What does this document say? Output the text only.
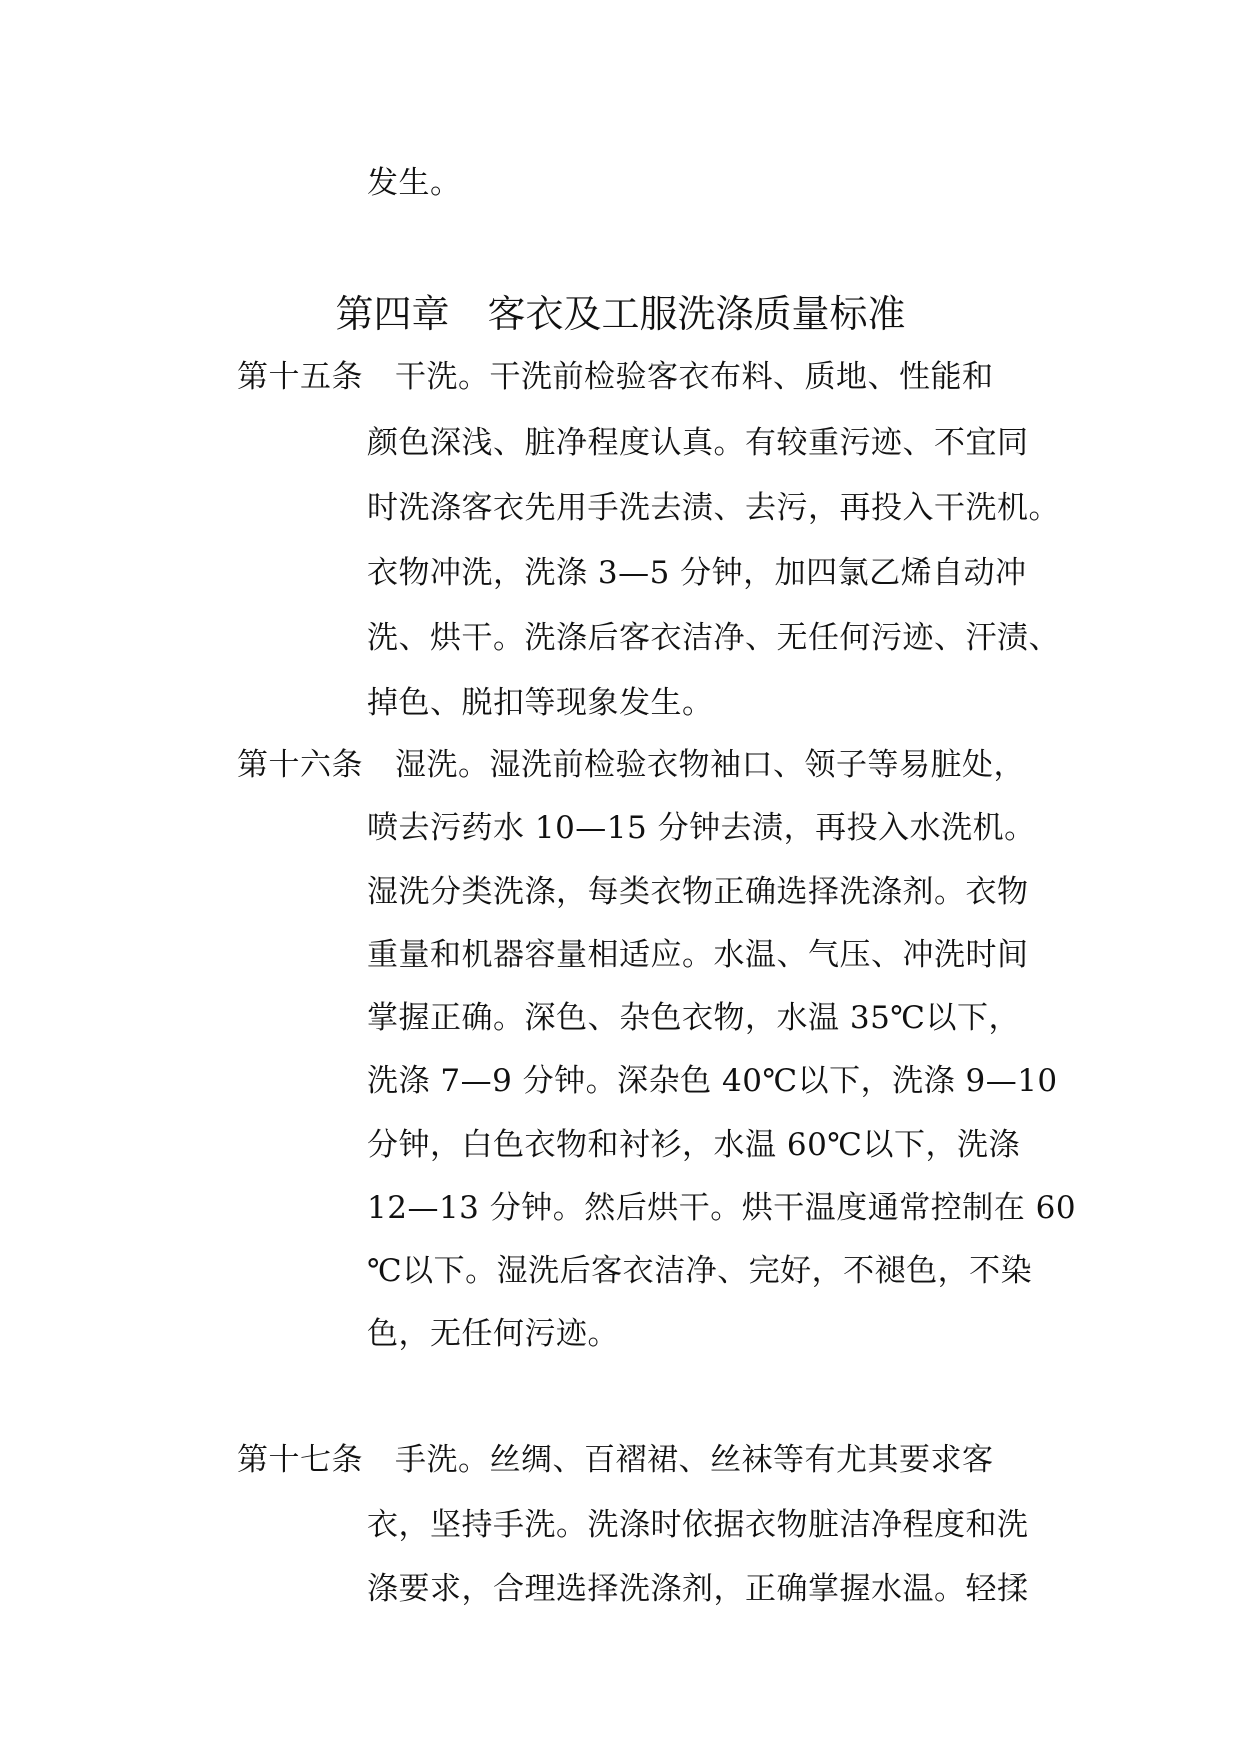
发生。
第四章 客衣及工服洗涤质量标准
第十五条 干洗。干洗前检验客衣布料、质地、性能和
颜色深浅、脏净程度认真。有较重污迹、不宜同
时洗涤客衣先用手洗去渍、去污，再投入干洗机。
衣物冲洗，洗涤 3—5 分钟，加四氯乙烯自动冲
洗、烘干。洗涤后客衣洁净、无任何污迹、汗渍、
掉色、脱扣等现象发生。
第十六条 湿洗。湿洗前检验衣物袖口、领子等易脏处，
喷去污药水 10—15 分钟去渍，再投入水洗机。
湿洗分类洗涤，每类衣物正确选择洗涤剂。衣物
重量和机器容量相适应。水温、气压、冲洗时间
掌握正确。深色、杂色衣物，水温 35℃以下，
洗涤 7—9 分钟。深杂色 40℃以下，洗涤 9—10
分钟，白色衣物和衬衫，水温 60℃以下，洗涤
12—13 分钟。然后烘干。烘干温度通常控制在 60
℃以下。湿洗后客衣洁净、完好，不褪色，不染
色，无任何污迹。
第十七条 手洗。丝绸、百褶裙、丝袜等有尤其要求客
衣，坚持手洗。洗涤时依据衣物脏洁净程度和洗
涤要求，合理选择洗涤剂，正确掌握水温。轻揉
